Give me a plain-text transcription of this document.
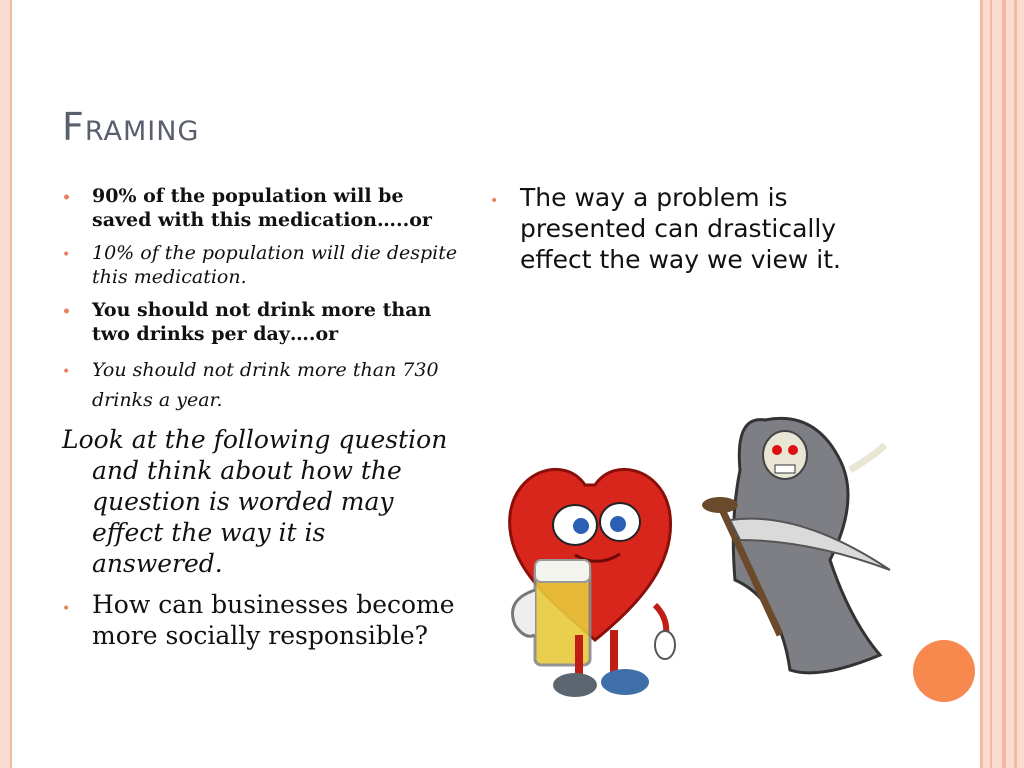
Framing
• 90% of the population will be saved with this medication…..or
• 10% of the population will die despite this medication.
• You should not drink more than two drinks per day….or
• You should not drink more than 730 drinks a year.
Look at the following question and think about how the question is worded may effect the way it is answered.
• How can businesses become more socially responsible?
• The way a problem is presented can drastically effect the way we view it.
